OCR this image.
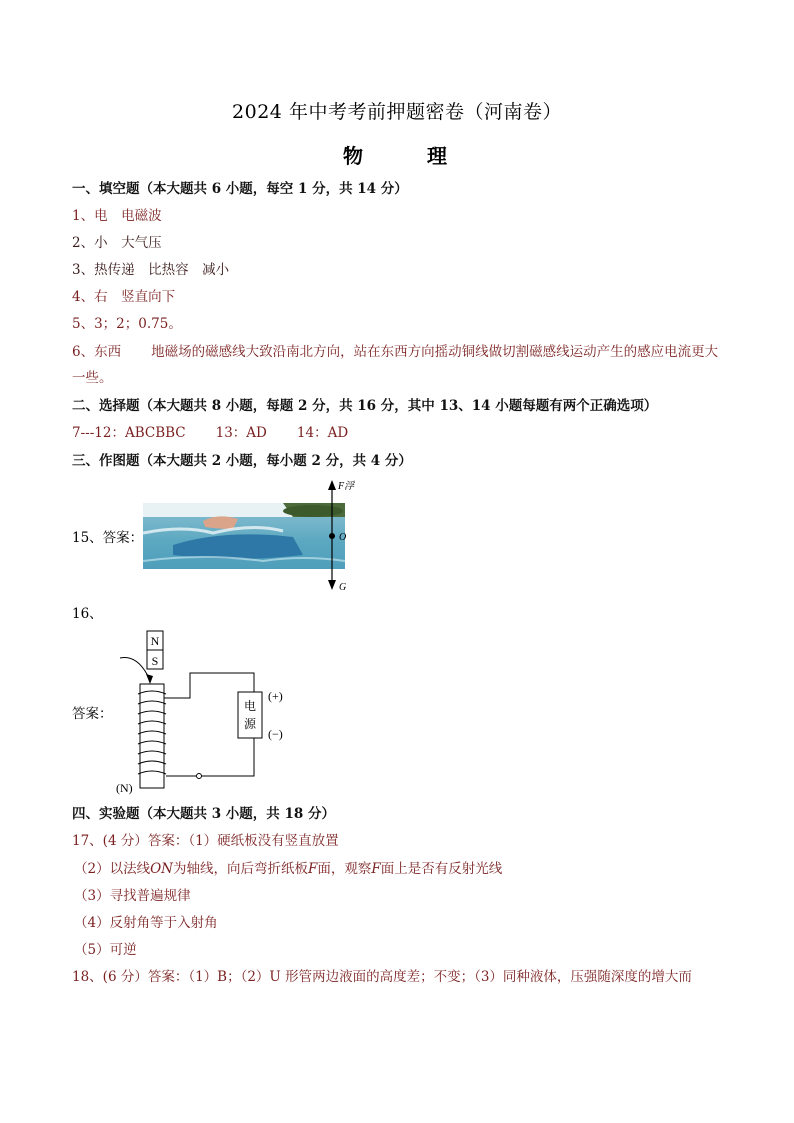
2024 年中考考前押题密卷（河南卷）
物　理
一、填空题（本大题共 6 小题，每空 1 分，共 14 分）
1、电　电磁波
2、小　大气压
3、热传递　比热容　减小
4、右　竖直向下
5、3；2；0.75。
6、东西 地磁场的磁感线大致沿南北方向，站在东西方向摇动铜线做切割磁感线运动产生的感应电流更大一些。
二、选择题（本大题共 8 小题，每题 2 分，共 16 分，其中 13、14 小题每题有两个正确选项）
7---12：ABCBBC 13：AD 14：AD
三、作图题（本大题共 2 小题，每小题 2 分，共 4 分）
15、答案：
F浮
O
G
16、
答案：
N
S
电
源
(+)
(−)
(N)
四、实验题（本大题共 3 小题，共 18 分）
17、(4 分）答案：（1）硬纸板没有竖直放置
（2）以法线ON为轴线，向后弯折纸板F面，观察F面上是否有反射光线
（3）寻找普遍规律
（4）反射角等于入射角
（5）可逆
18、(6 分）答案：（1）B；（2）U 形管两边液面的高度差；不变；（3）同种液体，压强随深度的增大而
